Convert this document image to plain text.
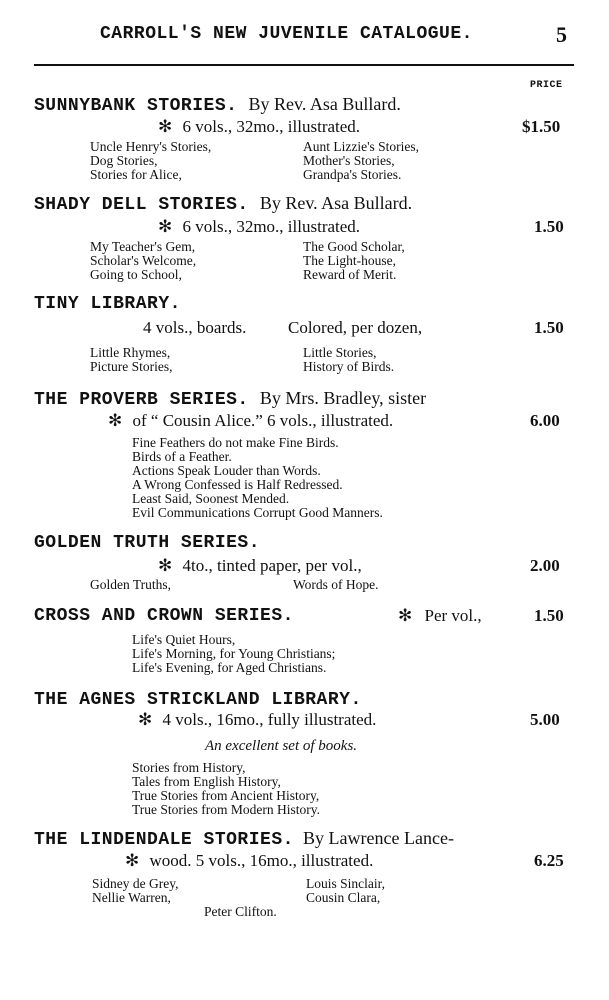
CARROLL'S NEW JUVENILE CATALOGUE.	5
PRICE
SUNNYBANK STORIES. By Rev. Asa Bullard.
✻ 6 vols., 32mo., illustrated.	$1.50
Uncle Henry's Stories,
Dog Stories,
Stories for Alice,
Aunt Lizzie's Stories,
Mother's Stories,
Grandpa's Stories.
SHADY DELL STORIES. By Rev. Asa Bullard.
✻ 6 vols., 32mo., illustrated.	1.50
My Teacher's Gem,
Scholar's Welcome,
Going to School,
The Good Scholar,
The Light-house,
Reward of Merit.
TINY LIBRARY.
4 vols., boards. Colored, per dozen,	1.50
Little Rhymes,
Picture Stories,
Little Stories,
History of Birds.
THE PROVERB SERIES. By Mrs. Bradley, sister
✻ of “ Cousin Alice.” 6 vols., illustrated.	6.00
Fine Feathers do not make Fine Birds.
Birds of a Feather.
Actions Speak Louder than Words.
A Wrong Confessed is Half Redressed.
Least Said, Soonest Mended.
Evil Communications Corrupt Good Manners.
GOLDEN TRUTH SERIES.
✻ 4to., tinted paper, per vol.,	2.00
Golden Truths,	Words of Hope.
CROSS AND CROWN SERIES.	✻ Per vol.,	1.50
Life's Quiet Hours,
Life's Morning, for Young Christians;
Life's Evening, for Aged Christians.
THE AGNES STRICKLAND LIBRARY.
✻ 4 vols., 16mo., fully illustrated.	5.00
An excellent set of books.
Stories from History,
Tales from English History,
True Stories from Ancient History,
True Stories from Modern History.
THE LINDENDALE STORIES. By Lawrence Lance-
✻ wood. 5 vols., 16mo., illustrated.	6.25
Sidney de Grey,
Nellie Warren,
Louis Sinclair,
Cousin Clara,
Peter Clifton.
